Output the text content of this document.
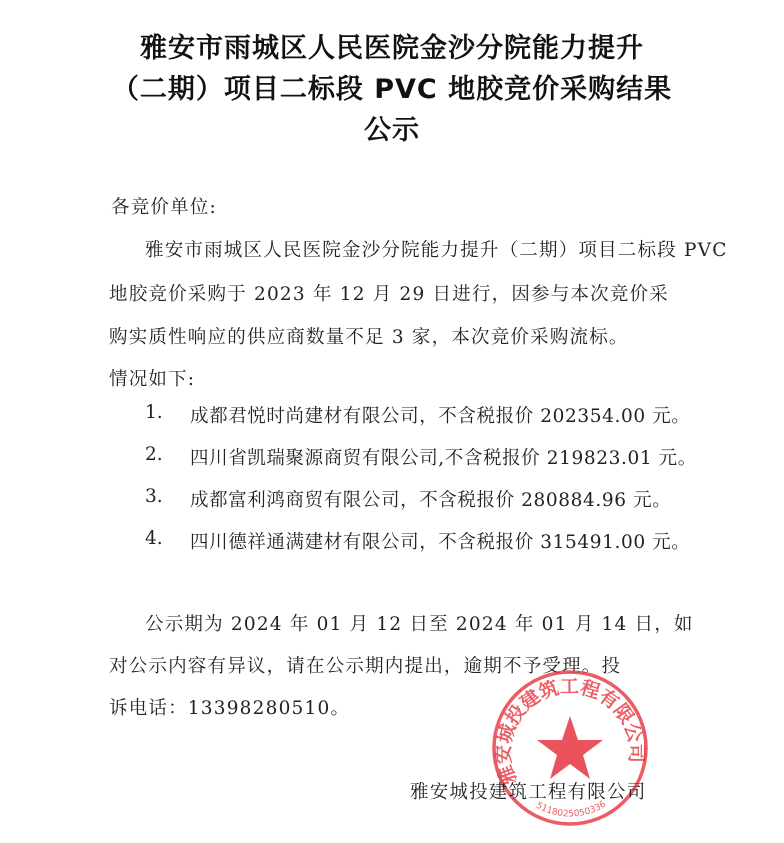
雅安市雨城区人民医院金沙分院能力提升
（二期）项目二标段 PVC 地胶竞价采购结果
公示
各竞价单位:
雅安市雨城区人民医院金沙分院能力提升（二期）项目二标段 PVC
地胶竞价采购于 2023 年 12 月 29 日进行，因参与本次竞价采
购实质性响应的供应商数量不足 3 家，本次竞价采购流标。
情况如下:
1. 成都君悦时尚建材有限公司，不含税报价 202354.00 元。
2. 四川省凯瑞聚源商贸有限公司,不含税报价 219823.01 元。
3. 成都富利鸿商贸有限公司，不含税报价 280884.96 元。
4. 四川德祥通满建材有限公司，不含税报价 315491.00 元。
公示期为 2024 年 01 月 12 日至 2024 年 01 月 14 日，如
对公示内容有异议，请在公示期内提出，逾期不予受理。投
诉电话：13398280510。
雅安城投建筑工程有限公司
5118025050336
雅安城投建筑工程有限公司
